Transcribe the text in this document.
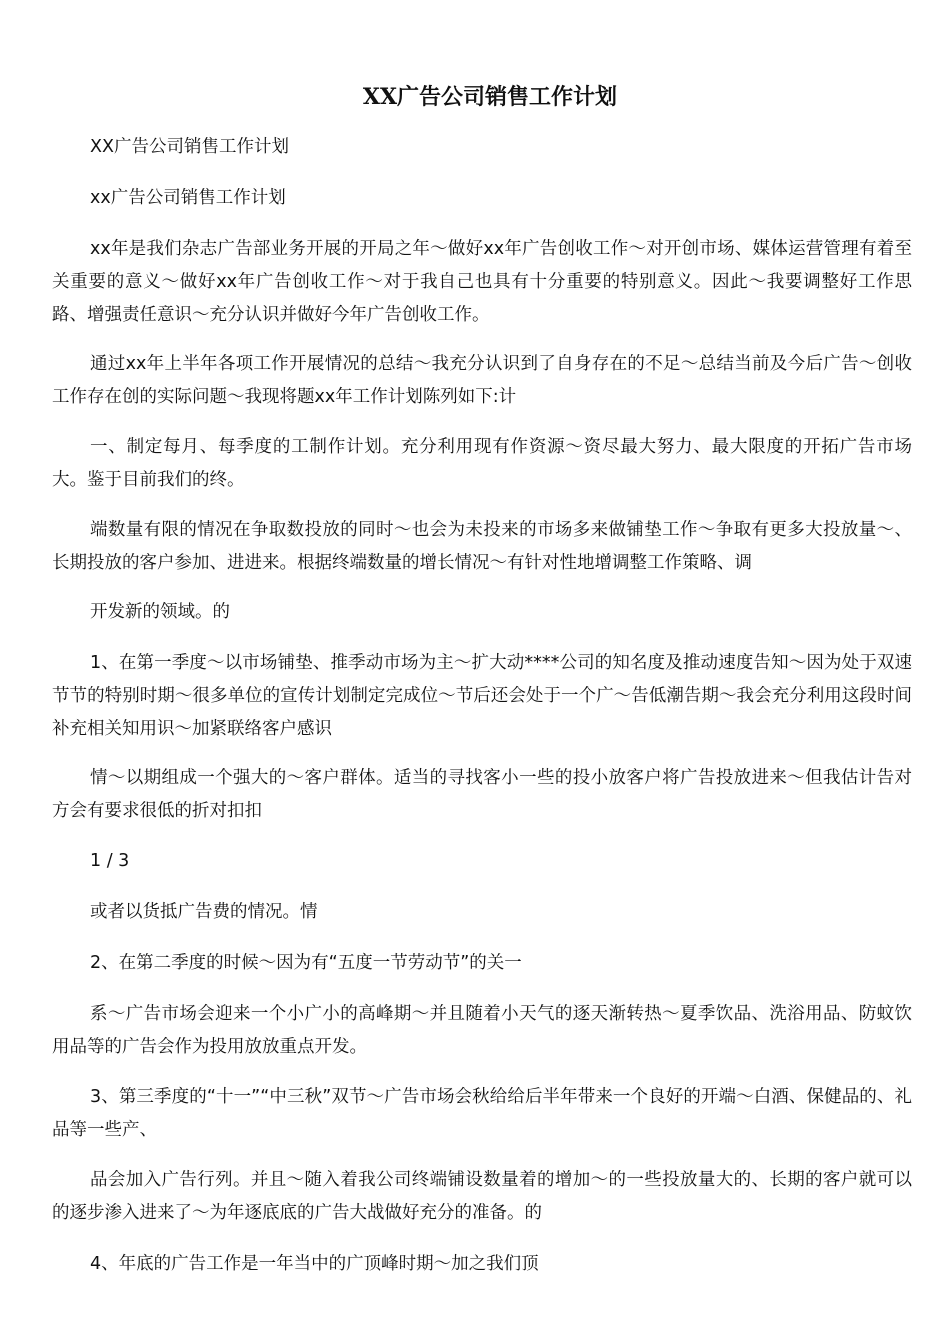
XX广告公司销售工作计划

XX广告公司销售工作计划

xx广告公司销售工作计划

xx年是我们杂志广告部业务开展的开局之年～做好xx年广告创收工作～对开创市场、媒体运营管理有着至关重要的意义～做好xx年广告创收工作～对于我自己也具有十分重要的特别意义。因此～我要调整好工作思路、增强责任意识～充分认识并做好今年广告创收工作。

通过xx年上半年各项工作开展情况的总结～我充分认识到了自身存在的不足～总结当前及今后广告～创收工作存在创的实际问题～我现将题xx年工作计划陈列如下:计

一、制定每月、每季度的工制作计划。充分利用现有作资源～资尽最大努力、最大限度的开拓广告市场大。鉴于目前我们的终。

端数量有限的情况在争取数投放的同时～也会为未投来的市场多来做铺垫工作～争取有更多大投放量～、长期投放的客户参加、进进来。根据终端数量的增长情况～有针对性地增调整工作策略、调

开发新的领域。的

1、在第一季度～以市场铺垫、推季动市场为主～扩大动****公司的知名度及推动速度告知～因为处于双速节节的特别时期～很多单位的宣传计划制定完成位～节后还会处于一个广～告低潮告期～我会充分利用这段时间补充相关知用识～加紧联络客户感识

情～以期组成一个强大的～客户群体。适当的寻找客小一些的投小放客户将广告投放进来～但我估计告对方会有要求很低的折对扣扣

1 / 3

或者以货抵广告费的情况。情

2、在第二季度的时候～因为有“五度一节劳动节”的关一

系～广告市场会迎来一个小广小的高峰期～并且随着小天气的逐天渐转热～夏季饮品、洗浴用品、防蚊饮用品等的广告会作为投用放放重点开发。

3、第三季度的“十一”“中三秋”双节～广告市场会秋给给后半年带来一个良好的开端～白酒、保健品的、礼品等一些产、

品会加入广告行列。并且～随入着我公司终端铺设数量着的增加～的一些投放量大的、长期的客户就可以的逐步渗入进来了～为年逐底底的广告大战做好充分的准备。的

4、年底的广告工作是一年当中的广顶峰时期～加之我们顶
